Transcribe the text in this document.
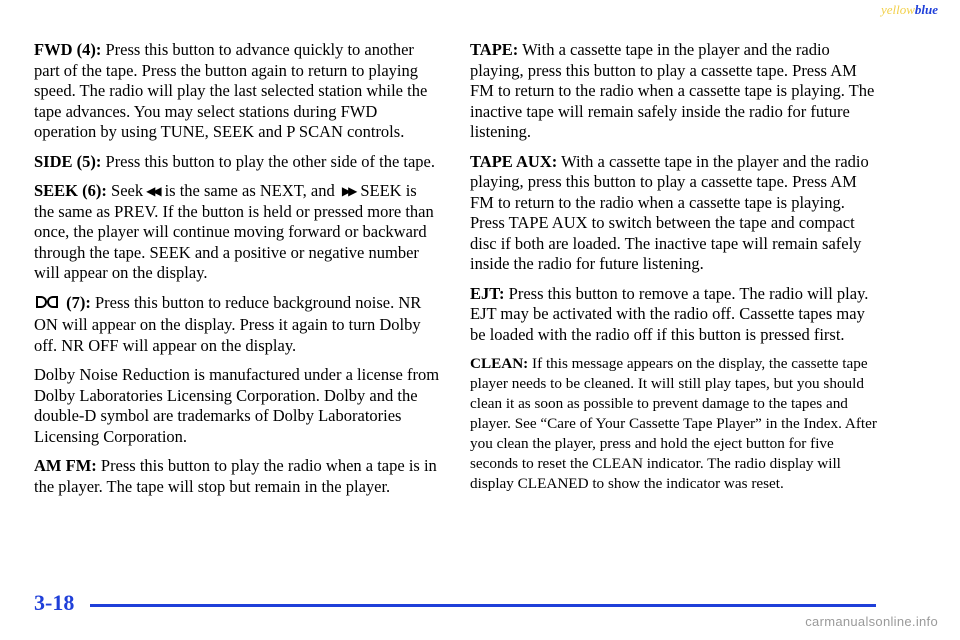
yellowblue

FWD (4): Press this button to advance quickly to another part of the tape. Press the button again to return to playing speed. The radio will play the last selected station while the tape advances. You may select stations during FWD operation by using TUNE, SEEK and P SCAN controls.

SIDE (5): Press this button to play the other side of the tape.

SEEK (6): Seek ◀◀ is the same as NEXT, and ▶▶ SEEK is the same as PREV. If the button is held or pressed more than once, the player will continue moving forward or backward through the tape. SEEK and a positive or negative number will appear on the display.

(7): Press this button to reduce background noise. NR ON will appear on the display. Press it again to turn Dolby off. NR OFF will appear on the display.

Dolby Noise Reduction is manufactured under a license from Dolby Laboratories Licensing Corporation. Dolby and the double-D symbol are trademarks of Dolby Laboratories Licensing Corporation.

AM FM: Press this button to play the radio when a tape is in the player. The tape will stop but remain in the player.

TAPE: With a cassette tape in the player and the radio playing, press this button to play a cassette tape. Press AM FM to return to the radio when a cassette tape is playing. The inactive tape will remain safely inside the radio for future listening.

TAPE AUX: With a cassette tape in the player and the radio playing, press this button to play a cassette tape. Press AM FM to return to the radio when a cassette tape is playing. Press TAPE AUX to switch between the tape and compact disc if both are loaded. The inactive tape will remain safely inside the radio for future listening.

EJT: Press this button to remove a tape. The radio will play. EJT may be activated with the radio off. Cassette tapes may be loaded with the radio off if this button is pressed first.

CLEAN: If this message appears on the display, the cassette tape player needs to be cleaned. It will still play tapes, but you should clean it as soon as possible to prevent damage to the tapes and player. See “Care of Your Cassette Tape Player” in the Index. After you clean the player, press and hold the eject button for five seconds to reset the CLEAN indicator. The radio display will display CLEANED to show the indicator was reset.

3-18
carmanualsonline.info
